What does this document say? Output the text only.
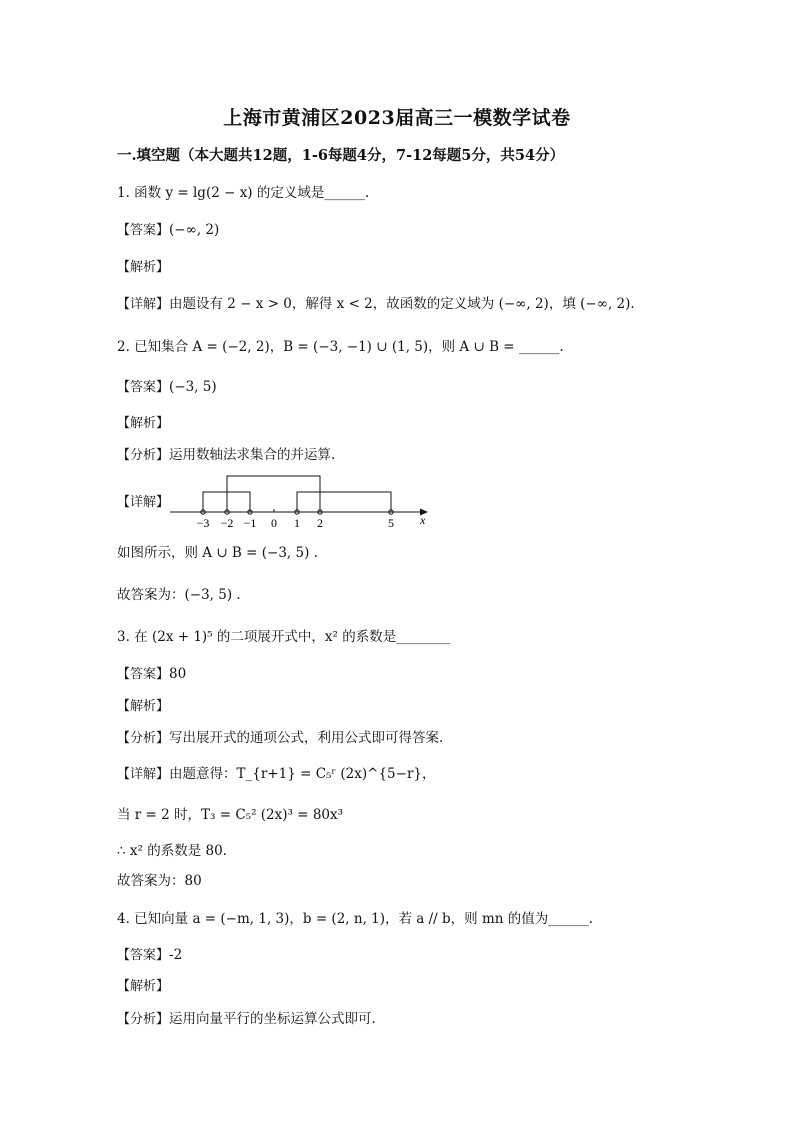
上海市黄浦区2023届高三一模数学试卷
一.填空题（本大题共12题，1-6每题4分，7-12每题5分，共54分）
1. 函数 y = lg(2 − x) 的定义域是______.
【答案】(−∞, 2)
【解析】
【详解】由题设有 2 − x > 0，解得 x < 2，故函数的定义域为 (−∞, 2)，填 (−∞, 2).
2. 已知集合 A = (−2, 2)，B = (−3, −1) ∪ (1, 5)，则 A ∪ B = ______.
【答案】(−3, 5)
【解析】
【分析】运用数轴法求集合的并运算.
【详解】
−3 −2 −1 0 1 2	5 x
如图所示，则 A ∪ B = (−3, 5) .
故答案为：(−3, 5) .
3. 在 (2x + 1)⁵ 的二项展开式中，x² 的系数是________
【答案】80
【解析】
【分析】写出展开式的通项公式，利用公式即可得答案.
【详解】由题意得：T_{r+1} = C₅ʳ (2x)^{5−r}，
当 r = 2 时，T₃ = C₅² (2x)³ = 80x³
∴ x² 的系数是 80.
故答案为：80
4. 已知向量 a = (−m, 1, 3)，b = (2, n, 1)，若 a // b，则 mn 的值为______.
【答案】-2
【解析】
【分析】运用向量平行的坐标运算公式即可.
